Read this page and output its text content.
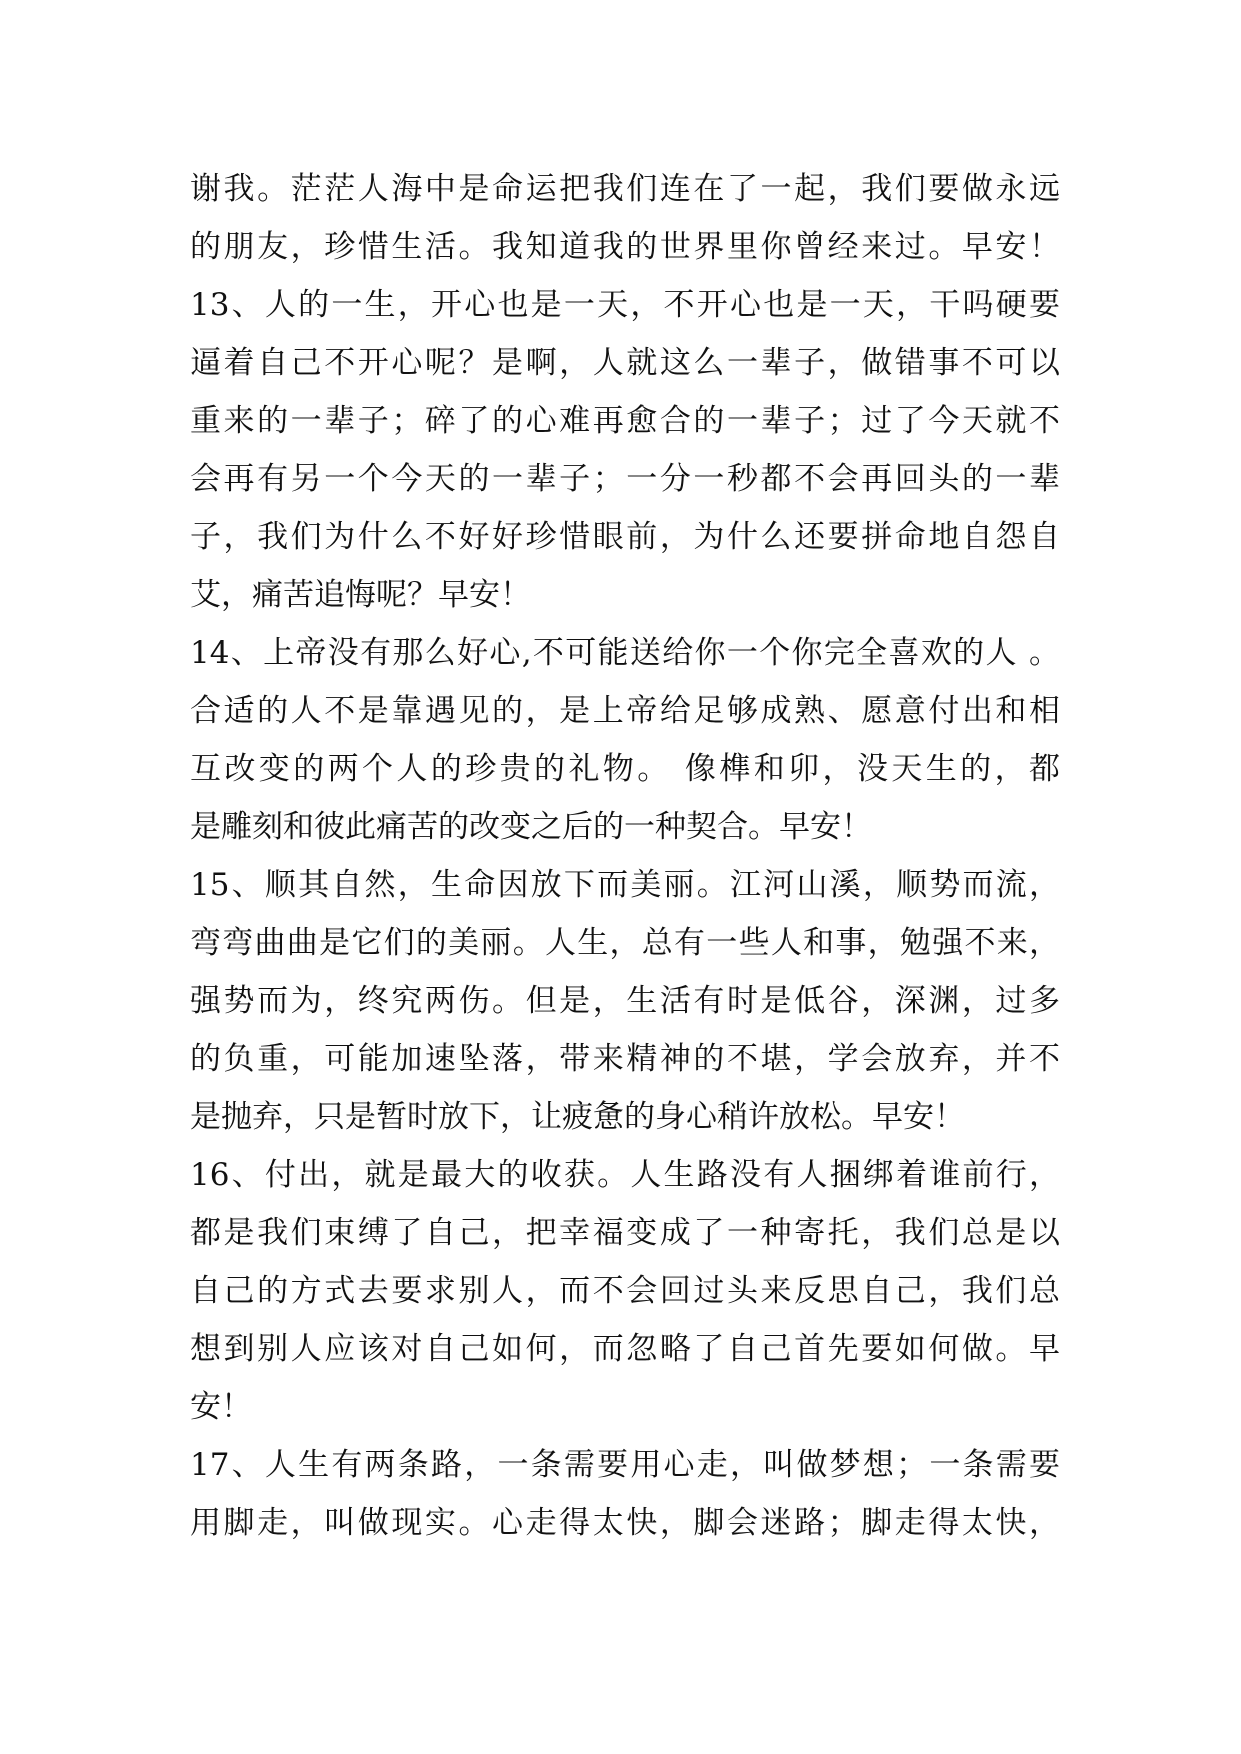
谢我。茫茫人海中是命运把我们连在了一起，我们要做永远
的朋友，珍惜生活。我知道我的世界里你曾经来过。早安！
13、人的一生，开心也是一天，不开心也是一天，干吗硬要
逼着自己不开心呢？是啊，人就这么一辈子，做错事不可以
重来的一辈子；碎了的心难再愈合的一辈子；过了今天就不
会再有另一个今天的一辈子；一分一秒都不会再回头的一辈
子，我们为什么不好好珍惜眼前，为什么还要拼命地自怨自
艾，痛苦追悔呢？早安！
14、上帝没有那么好心,不可能送给你一个你完全喜欢的人 。
合适的人不是靠遇见的，是上帝给足够成熟、愿意付出和相
互改变的两个人的珍贵的礼物。 像榫和卯，没天生的，都
是雕刻和彼此痛苦的改变之后的一种契合。早安！
15、顺其自然，生命因放下而美丽。江河山溪，顺势而流，
弯弯曲曲是它们的美丽。人生，总有一些人和事，勉强不来，
强势而为，终究两伤。但是，生活有时是低谷，深渊，过多
的负重，可能加速坠落，带来精神的不堪，学会放弃，并不
是抛弃，只是暂时放下，让疲惫的身心稍许放松。早安！
16、付出，就是最大的收获。人生路没有人捆绑着谁前行，
都是我们束缚了自己，把幸福变成了一种寄托，我们总是以
自己的方式去要求别人，而不会回过头来反思自己，我们总
想到别人应该对自己如何，而忽略了自己首先要如何做。早
安！
17、人生有两条路，一条需要用心走，叫做梦想；一条需要
用脚走，叫做现实。心走得太快，脚会迷路；脚走得太快，
